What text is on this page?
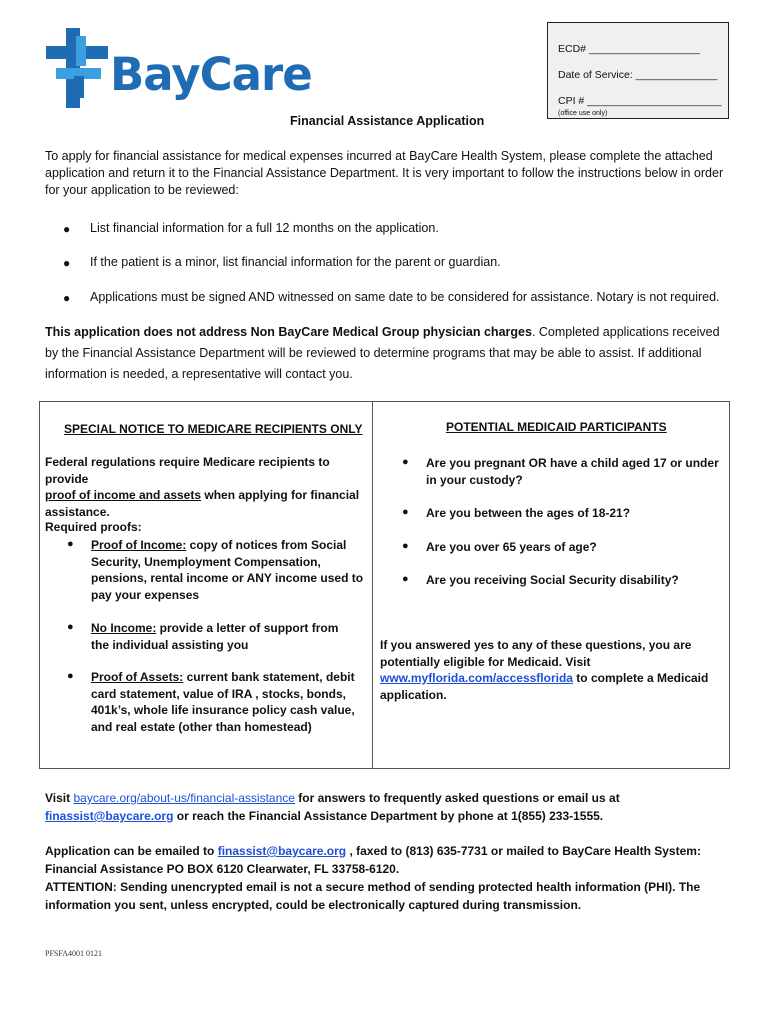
BayCare	ECD# ___________________
Date of Service: ______________
CPI # _______________________
(office use only)
Financial Assistance Application
To apply for financial assistance for medical expenses incurred at BayCare Health System, please complete the attached application and return it to the Financial Assistance Department. It is very important to follow the instructions below in order for your application to be reviewed:
● List financial information for a full 12 months on the application.
● If the patient is a minor, list financial information for the parent or guardian.
● Applications must be signed AND witnessed on same date to be considered for assistance. Notary is not required.
This application does not address Non BayCare Medical Group physician charges. Completed applications received by the Financial Assistance Department will be reviewed to determine programs that may be able to assist. If additional information is needed, a representative will contact you.
SPECIAL NOTICE TO MEDICARE RECIPIENTS ONLY
Federal regulations require Medicare recipients to provide
proof of income and assets when applying for financial assistance.
Required proofs:
● Proof of Income: copy of notices from Social Security, Unemployment Compensation, pensions, rental income or ANY income used to pay your expenses
● No Income: provide a letter of support from the individual assisting you
● Proof of Assets: current bank statement, debit card statement, value of IRA , stocks, bonds, 401k’s, whole life insurance policy cash value, and real estate (other than homestead)
POTENTIAL MEDICAID PARTICIPANTS
● Are you pregnant OR have a child aged 17 or under in your custody?
● Are you between the ages of 18-21?
● Are you over 65 years of age?
● Are you receiving Social Security disability?
If you answered yes to any of these questions, you are potentially eligible for Medicaid. Visit
www.myflorida.com/accessflorida to complete a Medicaid application.
Visit baycare.org/about-us/financial-assistance for answers to frequently asked questions or email us at
finassist@baycare.org or reach the Financial Assistance Department by phone at 1(855) 233-1555.
Application can be emailed to finassist@baycare.org , faxed to (813) 635-7731 or mailed to BayCare Health System: Financial Assistance PO BOX 6120 Clearwater, FL 33758-6120.
ATTENTION: Sending unencrypted email is not a secure method of sending protected health information (PHI). The information you sent, unless encrypted, could be electronically captured during transmission.
PFSFA4001 0121
